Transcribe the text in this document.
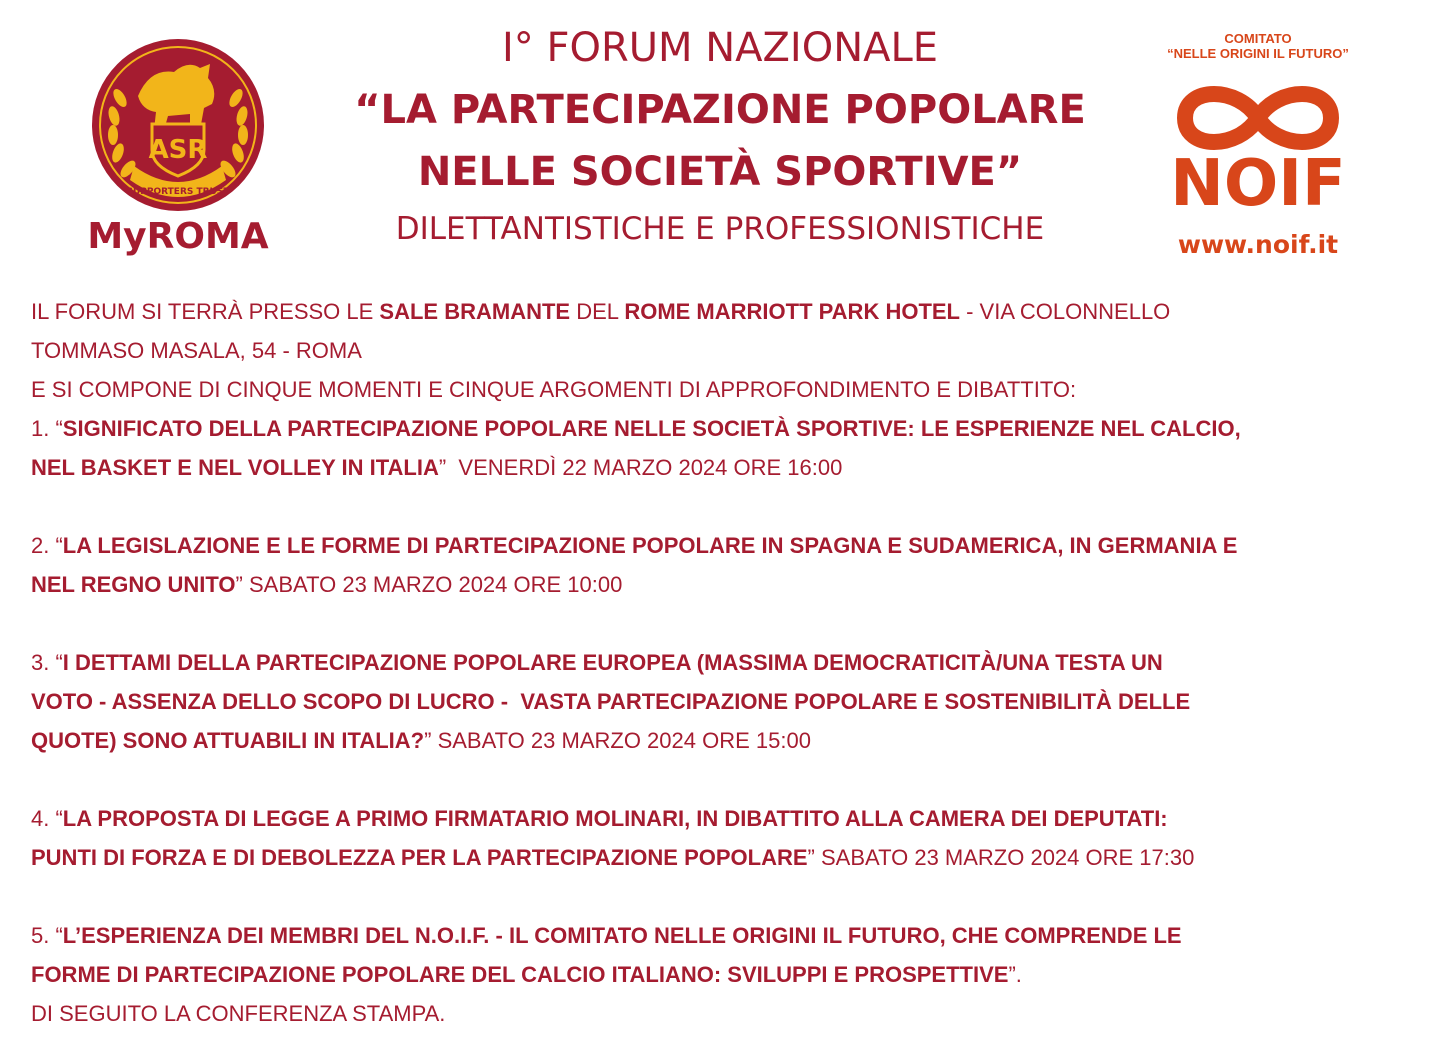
ASR
SUPPORTERS TRUST
MyROMA
I° FORUM NAZIONALE
“LA PARTECIPAZIONE POPOLARE
NELLE SOCIETÀ SPORTIVE”
DILETTANTISTICHE E PROFESSIONISTICHE
COMITATO
“NELLE ORIGINI IL FUTURO”
NOIF
www.noif.it

IL FORUM SI TERRÀ PRESSO LE SALE BRAMANTE DEL ROME MARRIOTT PARK HOTEL - VIA COLONNELLO

TOMMASO MASALA, 54 - ROMA

E SI COMPONE DI CINQUE MOMENTI E CINQUE ARGOMENTI DI APPROFONDIMENTO E DIBATTITO:

1. “SIGNIFICATO DELLA PARTECIPAZIONE POPOLARE NELLE SOCIETÀ SPORTIVE: LE ESPERIENZE NEL CALCIO,

NEL BASKET E NEL VOLLEY IN ITALIA”  VENERDÌ 22 MARZO 2024 ORE 16:00

2. “LA LEGISLAZIONE E LE FORME DI PARTECIPAZIONE POPOLARE IN SPAGNA E SUDAMERICA, IN GERMANIA E

NEL REGNO UNITO” SABATO 23 MARZO 2024 ORE 10:00

3. “I DETTAMI DELLA PARTECIPAZIONE POPOLARE EUROPEA (MASSIMA DEMOCRATICITÀ/UNA TESTA UN

VOTO - ASSENZA DELLO SCOPO DI LUCRO -  VASTA PARTECIPAZIONE POPOLARE E SOSTENIBILITÀ DELLE

QUOTE) SONO ATTUABILI IN ITALIA?” SABATO 23 MARZO 2024 ORE 15:00

4. “LA PROPOSTA DI LEGGE A PRIMO FIRMATARIO MOLINARI, IN DIBATTITO ALLA CAMERA DEI DEPUTATI:

PUNTI DI FORZA E DI DEBOLEZZA PER LA PARTECIPAZIONE POPOLARE” SABATO 23 MARZO 2024 ORE 17:30

5. “L’ESPERIENZA DEI MEMBRI DEL N.O.I.F. - IL COMITATO NELLE ORIGINI IL FUTURO, CHE COMPRENDE LE

FORME DI PARTECIPAZIONE POPOLARE DEL CALCIO ITALIANO: SVILUPPI E PROSPETTIVE”.

DI SEGUITO LA CONFERENZA STAMPA.
